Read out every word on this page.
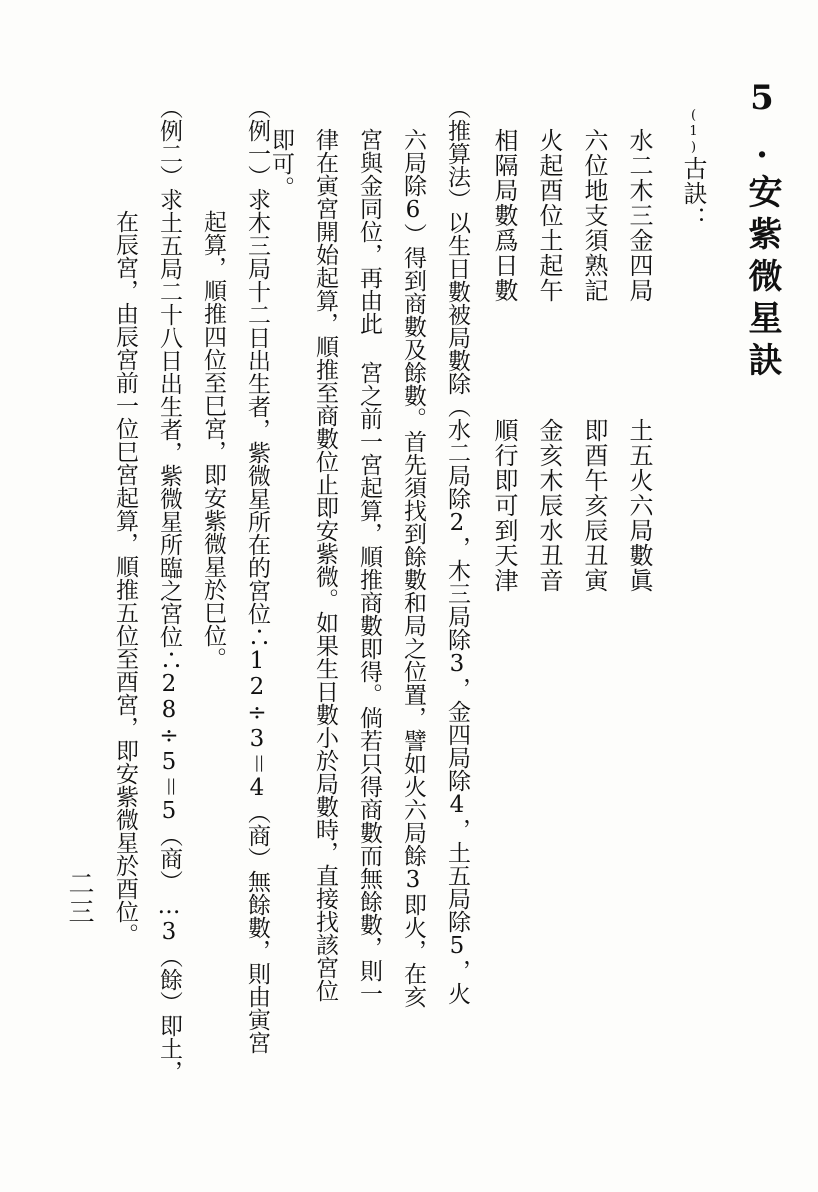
5.安紫微星訣
(1)古訣：
水二木三金四局
土五火六局數眞
六位地支須熟記
即酉午亥辰丑寅
火起酉位土起午
金亥木辰水丑音
相隔局數爲日數
順行即可到天津
（推算法）以生日數被局數除（水二局除2，木三局除3，金四局除4，土五局除5，火
六局除6）得到商數及餘數。首先須找到餘數和局之位置，譬如火六局餘3即火，在亥
宮與金同位，再由此 宮之前一宮起算，順推商數即得。倘若只得商數而無餘數，則一
律在寅宮開始起算，順推至商數位止即安紫微。如果生日數小於局數時，直接找該宮位
即可。
（例一）求木三局十二日出生者，紫微星所在的宮位∴12÷3＝4（商）無餘數，則由寅宮
起算，順推四位至巳宮，即安紫微星於巳位。
（例二）求土五局二十八日出生者，紫微星所臨之宮位∴28÷5＝5（商）…3（餘）即土，
在辰宮，由辰宮前一位巳宮起算，順推五位至酉宮，即安紫微星於酉位。
二三
